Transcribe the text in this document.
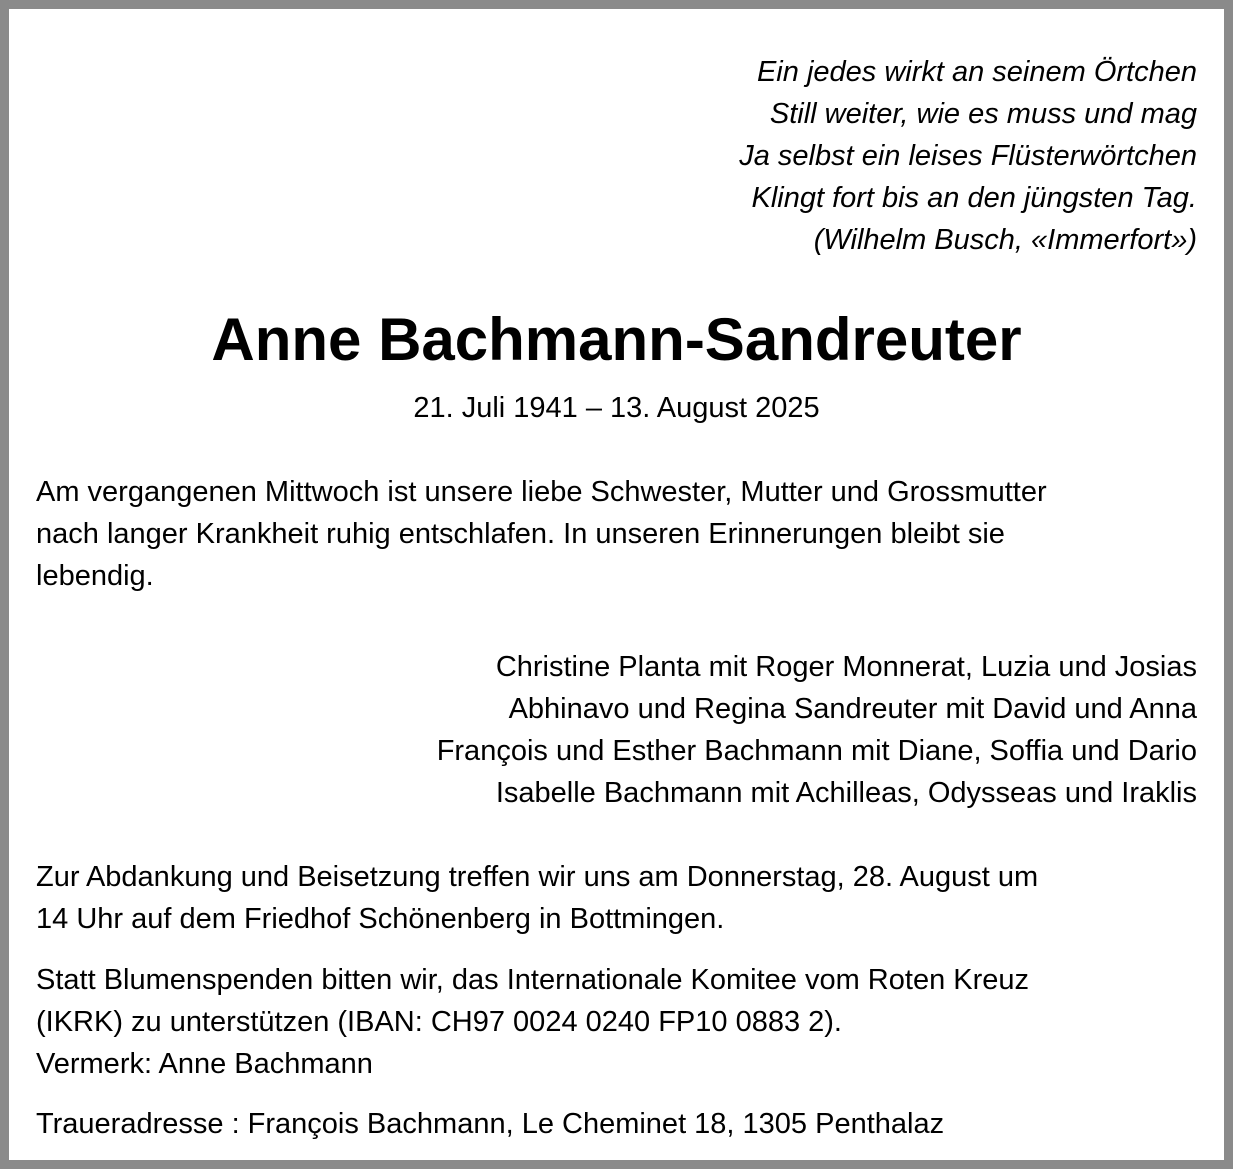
Ein jedes wirkt an seinem Örtchen
Still weiter, wie es muss und mag
Ja selbst ein leises Flüsterwörtchen
Klingt fort bis an den jüngsten Tag.
(Wilhelm Busch, «Immerfort»)
Anne Bachmann-Sandreuter
21. Juli 1941 – 13. August 2025
Am vergangenen Mittwoch ist unsere liebe Schwester, Mutter und Grossmutter
nach langer Krankheit ruhig entschlafen. In unseren Erinnerungen bleibt sie
lebendig.
Christine Planta mit Roger Monnerat, Luzia und Josias
Abhinavo und Regina Sandreuter mit David und Anna
François und Esther Bachmann mit Diane, Soffia und Dario
Isabelle Bachmann mit Achilleas, Odysseas und Iraklis
Zur Abdankung und Beisetzung treffen wir uns am Donnerstag, 28. August um
14 Uhr auf dem Friedhof Schönenberg in Bottmingen.
Statt Blumenspenden bitten wir, das Internationale Komitee vom Roten Kreuz
(IKRK) zu unterstützen (IBAN: CH97 0024 0240 FP10 0883 2).
Vermerk: Anne Bachmann
Traueradresse : François Bachmann, Le Cheminet 18, 1305 Penthalaz
